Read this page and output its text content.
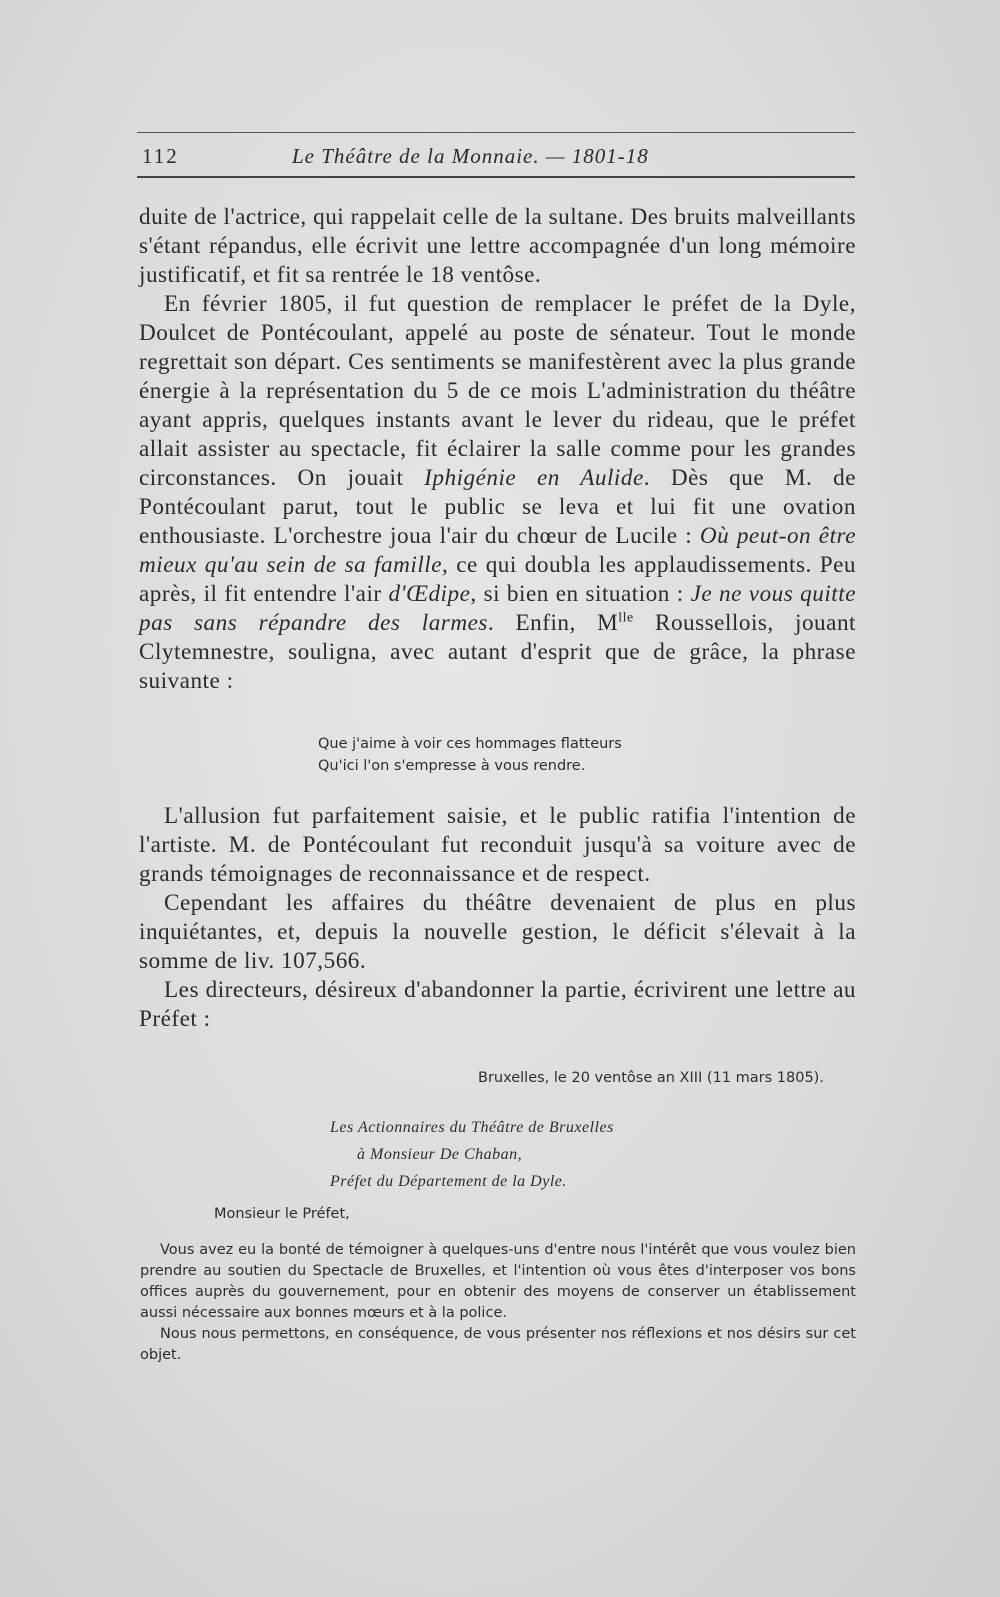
112	Le Théâtre de la Monnaie. — 1801-18

duite de l'actrice, qui rappelait celle de la sultane. Des bruits malveillants s'étant répandus, elle écrivit une lettre accompagnée d'un long mémoire justificatif, et fit sa rentrée le 18 ventôse.

En février 1805, il fut question de remplacer le préfet de la Dyle, Doulcet de Pontécoulant, appelé au poste de sénateur. Tout le monde regrettait son départ. Ces sentiments se manifestèrent avec la plus grande énergie à la représentation du 5 de ce mois L'administration du théâtre ayant appris, quelques instants avant le lever du rideau, que le préfet allait assister au spectacle, fit éclairer la salle comme pour les grandes circonstances. On jouait Iphigénie en Aulide. Dès que M. de Pontécoulant parut, tout le public se leva et lui fit une ovation enthousiaste. L'orchestre joua l'air du chœur de Lucile : Où peut-on être mieux qu'au sein de sa famille, ce qui doubla les applaudissements. Peu après, il fit entendre l'air d'Œdipe, si bien en situation : Je ne vous quitte pas sans répandre des larmes. Enfin, $M^{lle}$ Roussellois, jouant Clytemnestre, souligna, avec autant d'esprit que de grâce, la phrase suivante :

Que j'aime à voir ces hommages flatteurs
Qu'ici l'on s'empresse à vous rendre.

L'allusion fut parfaitement saisie, et le public ratifia l'intention de l'artiste. M. de Pontécoulant fut reconduit jusqu'à sa voiture avec de grands témoignages de reconnaissance et de respect.

Cependant les affaires du théâtre devenaient de plus en plus inquiétantes, et, depuis la nouvelle gestion, le déficit s'élevait à la somme de liv. 107,566.

Les directeurs, désireux d'abandonner la partie, écrivirent une lettre au Préfet :

Bruxelles, le 20 ventôse an XIII (11 mars 1805).
Les Actionnaires du Théâtre de Bruxelles
à Monsieur De Chaban,
Préfet du Département de la Dyle.
Monsieur le Préfet,

Vous avez eu la bonté de témoigner à quelques-uns d'entre nous l'intérêt que vous voulez bien prendre au soutien du Spectacle de Bruxelles, et l'intention où vous êtes d'interposer vos bons offices auprès du gouvernement, pour en obtenir des moyens de conserver un établissement aussi nécessaire aux bonnes mœurs et à la police.

Nous nous permettons, en conséquence, de vous présenter nos réflexions et nos désirs sur cet objet.
